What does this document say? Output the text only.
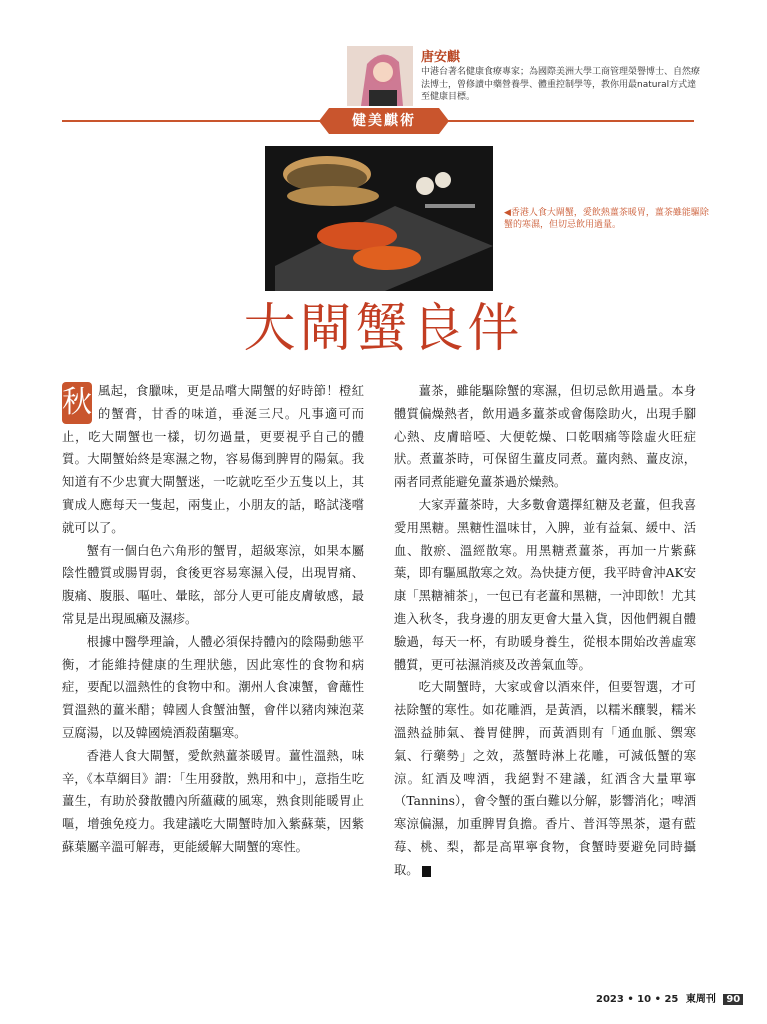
唐安麒
中港台著名健康食療專家；為國際美洲大學工商管理榮譽博士、自然療法博士，曾修讀中藥營養學、體重控制學等，教你用最natural方式達至健康目標。
健美麒術
◀香港人食大閘蟹，愛飲熱薑茶暖胃，薑茶雖能驅除蟹的寒濕，但切忌飲用過量。
大閘蟹良伴

秋 風起，食臘味，更是品嚐大閘蟹的好時節！橙紅的蟹膏，甘香的味道，垂涎三尺。凡事適可而止，吃大閘蟹也一樣，切勿過量，更要視乎自己的體質。大閘蟹始終是寒濕之物，容易傷到脾胃的陽氣。我知道有不少忠實大閘蟹迷，一吃就吃至少五隻以上，其實成人應每天一隻起，兩隻止，小朋友的話，略試淺嚐就可以了。

蟹有一個白色六角形的蟹胃，超級寒涼，如果本屬陰性體質或腸胃弱，食後更容易寒濕入侵，出現胃痛、腹痛、腹脹、嘔吐、暈眩，部分人更可能皮膚敏感，最常見是出現風癩及濕疹。

根據中醫學理論，人體必須保持體內的陰陽動態平衡，才能維持健康的生理狀態，因此寒性的食物和病症，要配以溫熱性的食物中和。潮州人食凍蟹，會蘸性質溫熱的薑米醋；韓國人食蟹油蟹，會伴以豬肉辣泡菜豆腐湯，以及韓國燒酒殺菌驅寒。

香港人食大閘蟹，愛飲熱薑茶暖胃。薑性溫熱，味辛，《本草綱目》謂：「生用發散，熟用和中」，意指生吃薑生，有助於發散體內所蘊藏的風寒，熟食則能暖胃止嘔，增強免疫力。我建議吃大閘蟹時加入紫蘇葉，因紫蘇葉屬辛溫可解毒，更能緩解大閘蟹的寒性。

薑茶，雖能驅除蟹的寒濕，但切忌飲用過量。本身體質偏燥熱者，飲用過多薑茶或會傷陰助火，出現手腳心熱、皮膚暗啞、大便乾燥、口乾咽痛等陰虛火旺症狀。煮薑茶時，可保留生薑皮同煮。薑肉熱、薑皮涼，兩者同煮能避免薑茶過於燥熱。

大家弄薑茶時，大多數會選擇紅糖及老薑，但我喜愛用黑糖。黑糖性溫味甘，入脾，並有益氣、緩中、活血、散瘀、溫經散寒。用黑糖煮薑茶，再加一片紫蘇葉，即有驅風散寒之效。為快捷方便，我平時會沖AK安康「黑糖補茶」，一包已有老薑和黑糖，一沖即飲！尤其進入秋冬，我身邊的朋友更會大量入貨，因他們親自體驗過，每天一杯，有助暖身養生，從根本開始改善虛寒體質，更可祛濕消痰及改善氣血等。

吃大閘蟹時，大家或會以酒來伴，但要智選，才可祛除蟹的寒性。如花雕酒，是黃酒，以糯米釀製，糯米溫熱益肺氣、養胃健脾，而黃酒則有「通血脈、禦寒氣、行藥勢」之效，蒸蟹時淋上花雕，可減低蟹的寒涼。紅酒及啤酒，我絕對不建議，紅酒含大量單寧（Tannins），會令蟹的蛋白難以分解，影響消化；啤酒寒涼偏濕，加重脾胃負擔。香片、普洱等黑茶，還有藍莓、桃、梨，都是高單寧食物，食蟹時要避免同時攝取。	E

2023 • 10 • 25 東周刊 90
